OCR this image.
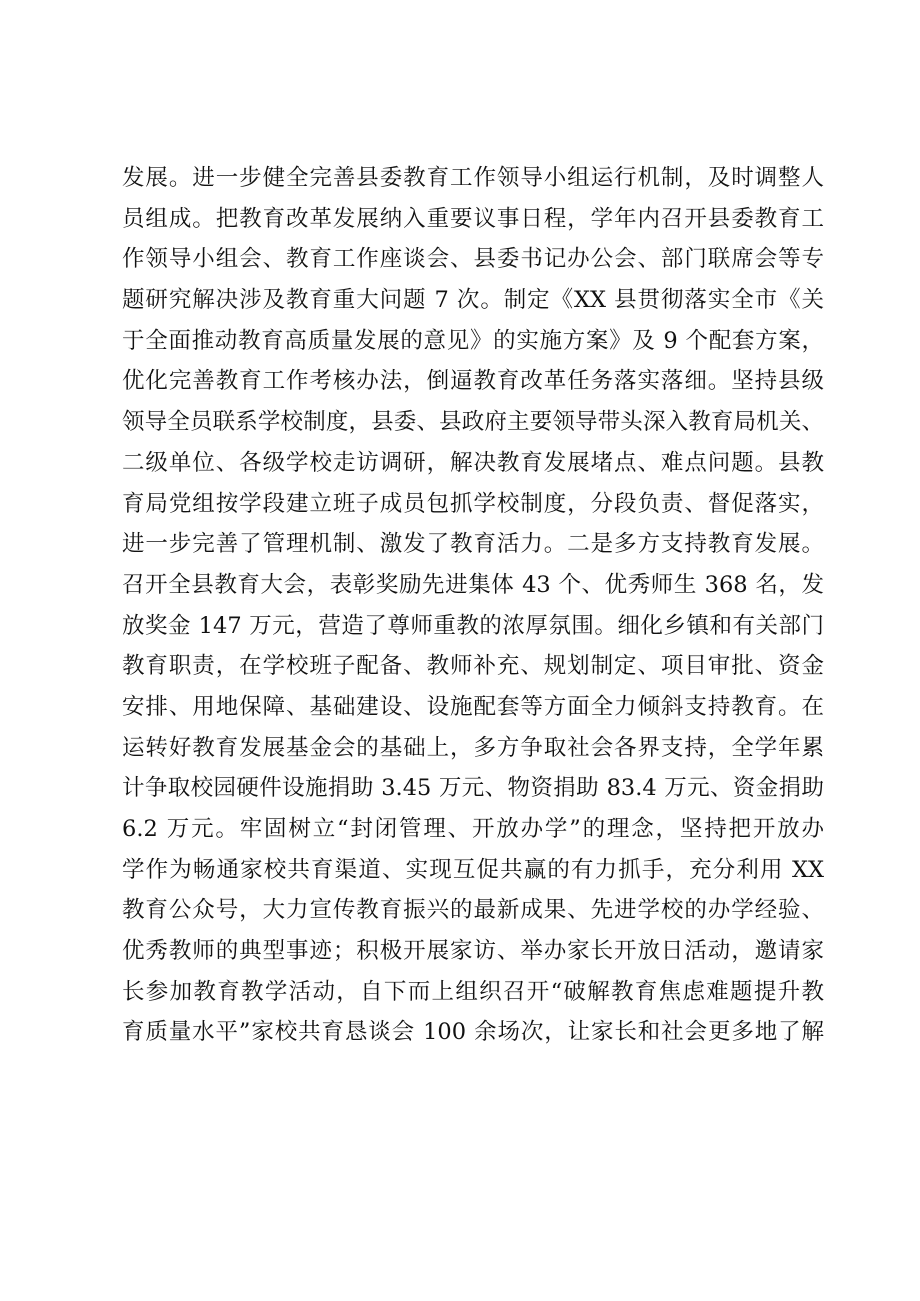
发展。进一步健全完善县委教育工作领导小组运行机制，及时调整人
员组成。把教育改革发展纳入重要议事日程，学年内召开县委教育工
作领导小组会、教育工作座谈会、县委书记办公会、部门联席会等专
题研究解决涉及教育重大问题 7 次。制定《XX 县贯彻落实全市《关
于全面推动教育高质量发展的意见》的实施方案》及 9 个配套方案，
优化完善教育工作考核办法，倒逼教育改革任务落实落细。坚持县级
领导全员联系学校制度，县委、县政府主要领导带头深入教育局机关、
二级单位、各级学校走访调研，解决教育发展堵点、难点问题。县教
育局党组按学段建立班子成员包抓学校制度，分段负责、督促落实，
进一步完善了管理机制、激发了教育活力。二是多方支持教育发展。
召开全县教育大会，表彰奖励先进集体 43 个、优秀师生 368 名，发
放奖金 147 万元，营造了尊师重教的浓厚氛围。细化乡镇和有关部门
教育职责，在学校班子配备、教师补充、规划制定、项目审批、资金
安排、用地保障、基础建设、设施配套等方面全力倾斜支持教育。在
运转好教育发展基金会的基础上，多方争取社会各界支持，全学年累
计争取校园硬件设施捐助 3.45 万元、物资捐助 83.4 万元、资金捐助
6.2 万元。牢固树立“封闭管理、开放办学”的理念，坚持把开放办
学作为畅通家校共育渠道、实现互促共赢的有力抓手，充分利用 XX
教育公众号，大力宣传教育振兴的最新成果、先进学校的办学经验、
优秀教师的典型事迹；积极开展家访、举办家长开放日活动，邀请家
长参加教育教学活动，自下而上组织召开“破解教育焦虑难题提升教
育质量水平”家校共育恳谈会 100 余场次，让家长和社会更多地了解
